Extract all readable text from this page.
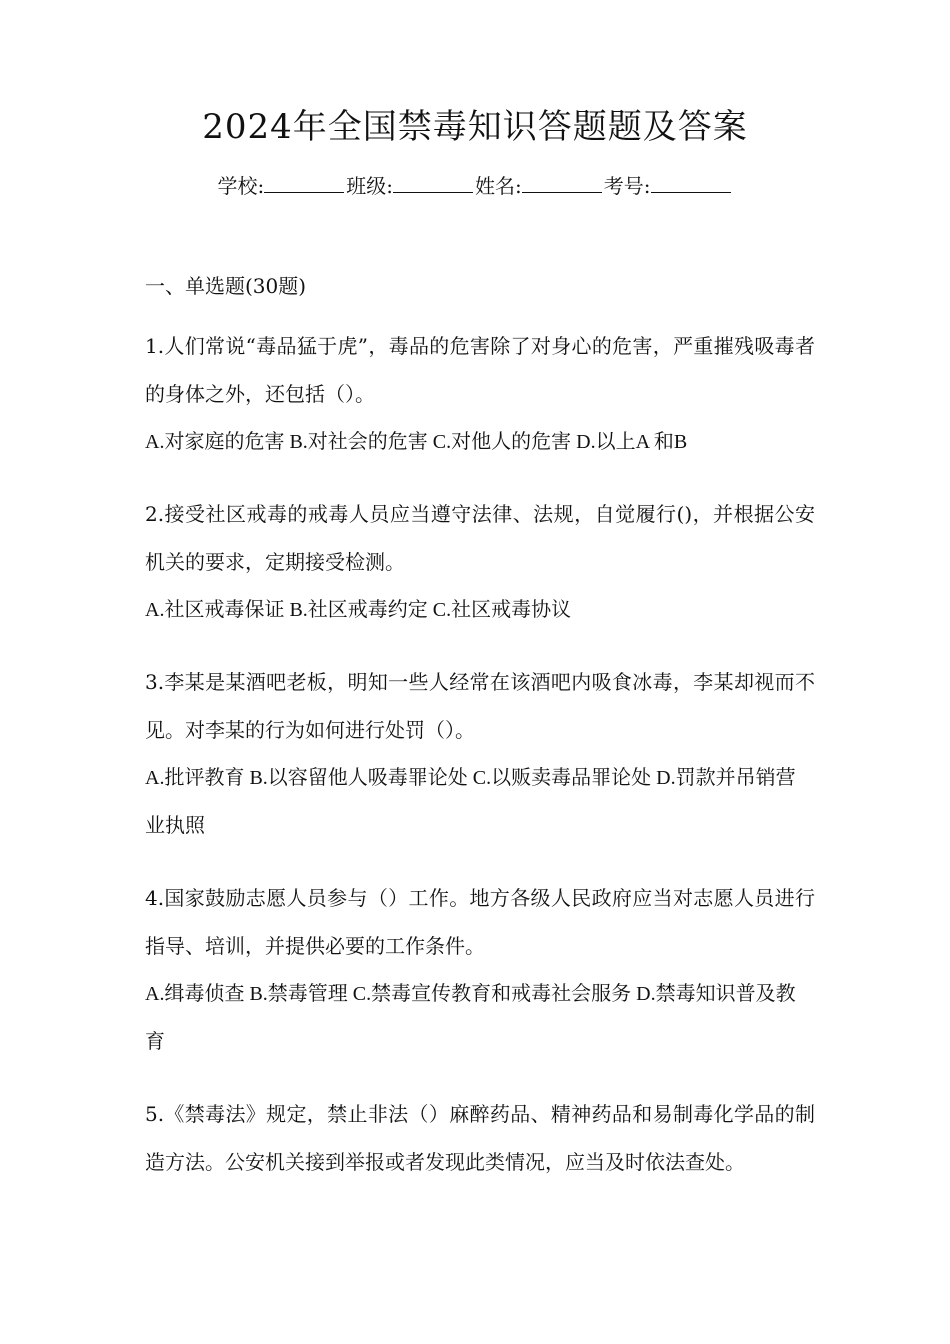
2024年全国禁毒知识答题题及答案
学校:	班级:	姓名:	考号:
一、单选题(30题)
1.人们常说“毒品猛于虎”，毒品的危害除了对身心的危害，严重摧残吸毒者的身体之外，还包括（）。
A.对家庭的危害 B.对社会的危害 C.对他人的危害 D.以上A 和B
2.接受社区戒毒的戒毒人员应当遵守法律、法规，自觉履行()，并根据公安机关的要求，定期接受检测。
A.社区戒毒保证 B.社区戒毒约定 C.社区戒毒协议
3.李某是某酒吧老板，明知一些人经常在该酒吧内吸食冰毒，李某却视而不见。对李某的行为如何进行处罚（）。
A.批评教育 B.以容留他人吸毒罪论处 C.以贩卖毒品罪论处 D.罚款并吊销营业执照
4.国家鼓励志愿人员参与（）工作。地方各级人民政府应当对志愿人员进行指导、培训，并提供必要的工作条件。
A.缉毒侦查 B.禁毒管理 C.禁毒宣传教育和戒毒社会服务 D.禁毒知识普及教育
5.《禁毒法》规定，禁止非法（）麻醉药品、精神药品和易制毒化学品的制造方法。公安机关接到举报或者发现此类情况，应当及时依法查处。
